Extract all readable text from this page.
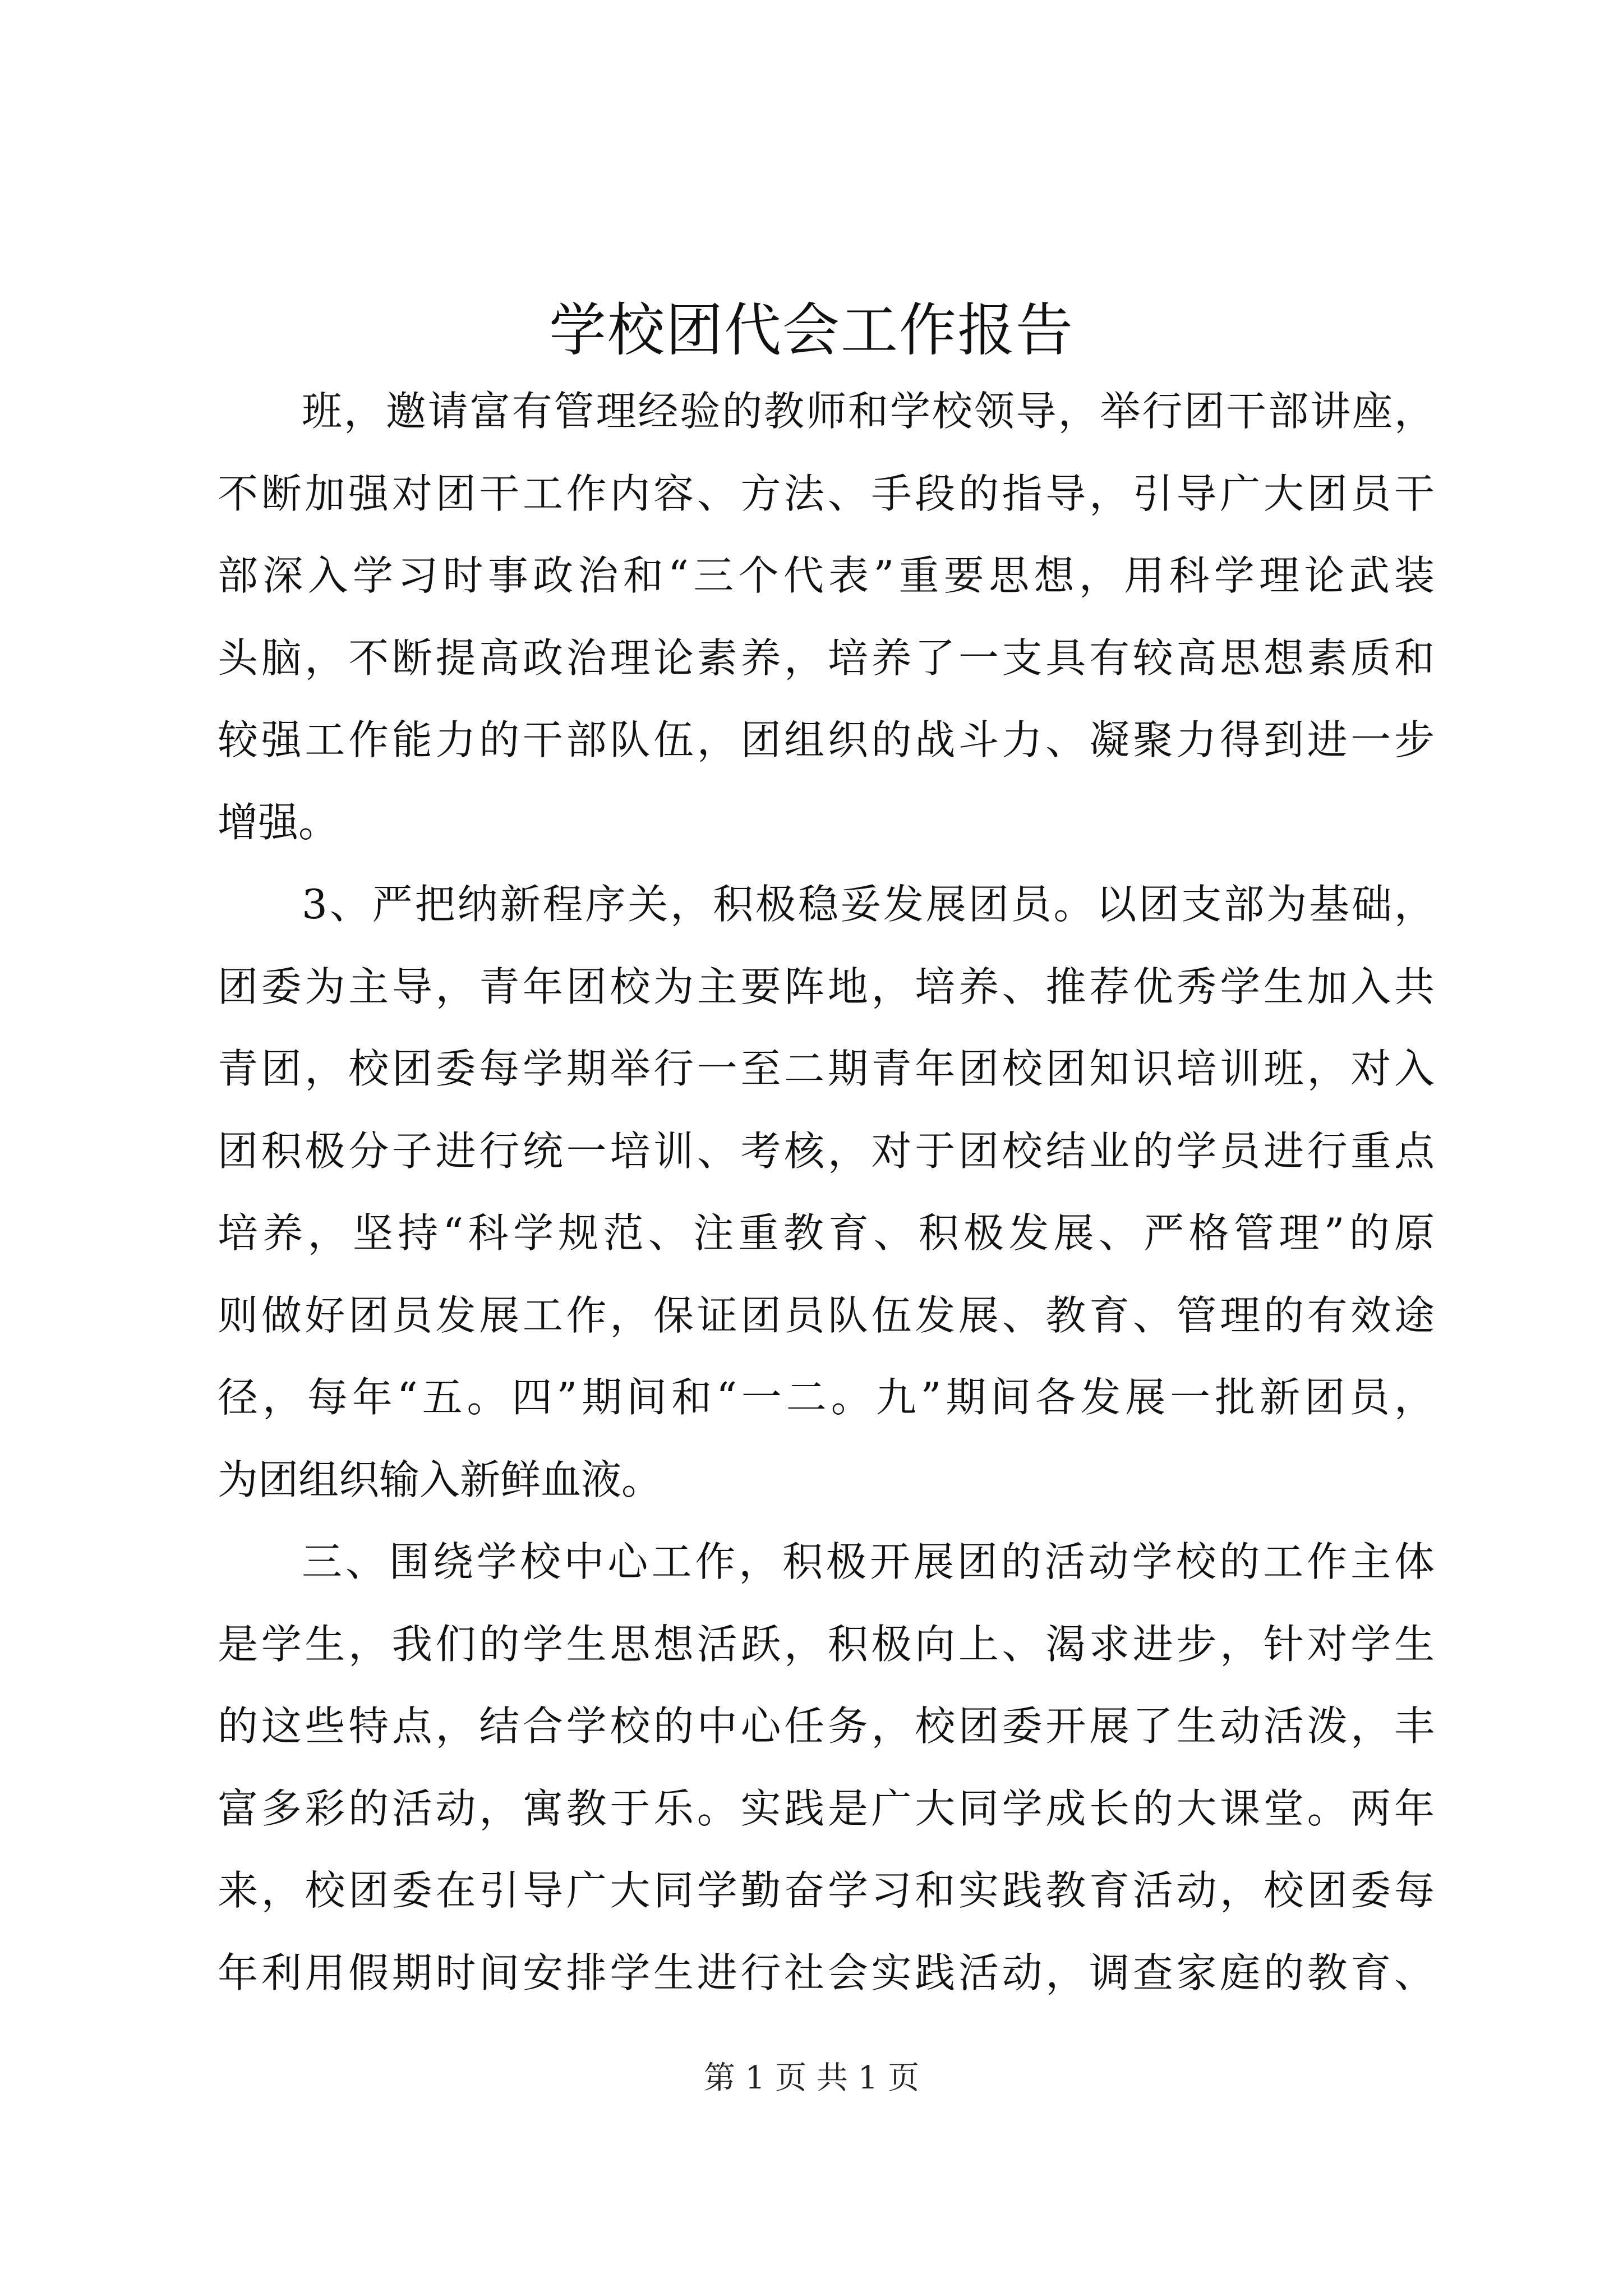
学校团代会工作报告
班，邀请富有管理经验的教师和学校领导，举行团干部讲座，
不断加强对团干工作内容、方法、手段的指导，引导广大团员干
部深入学习时事政治和“三个代表”重要思想，用科学理论武装
头脑，不断提高政治理论素养，培养了一支具有较高思想素质和
较强工作能力的干部队伍，团组织的战斗力、凝聚力得到进一步
增强。
3、严把纳新程序关，积极稳妥发展团员。以团支部为基础，
团委为主导，青年团校为主要阵地，培养、推荐优秀学生加入共
青团，校团委每学期举行一至二期青年团校团知识培训班，对入
团积极分子进行统一培训、考核，对于团校结业的学员进行重点
培养，坚持“科学规范、注重教育、积极发展、严格管理”的原
则做好团员发展工作，保证团员队伍发展、教育、管理的有效途
径，每年“五。四”期间和“一二。九”期间各发展一批新团员，
为团组织输入新鲜血液。
三、围绕学校中心工作，积极开展团的活动学校的工作主体
是学生，我们的学生思想活跃，积极向上、渴求进步，针对学生
的这些特点，结合学校的中心任务，校团委开展了生动活泼，丰
富多彩的活动，寓教于乐。实践是广大同学成长的大课堂。两年
来，校团委在引导广大同学勤奋学习和实践教育活动，校团委每
年利用假期时间安排学生进行社会实践活动，调查家庭的教育、
第 1 页 共 1 页
